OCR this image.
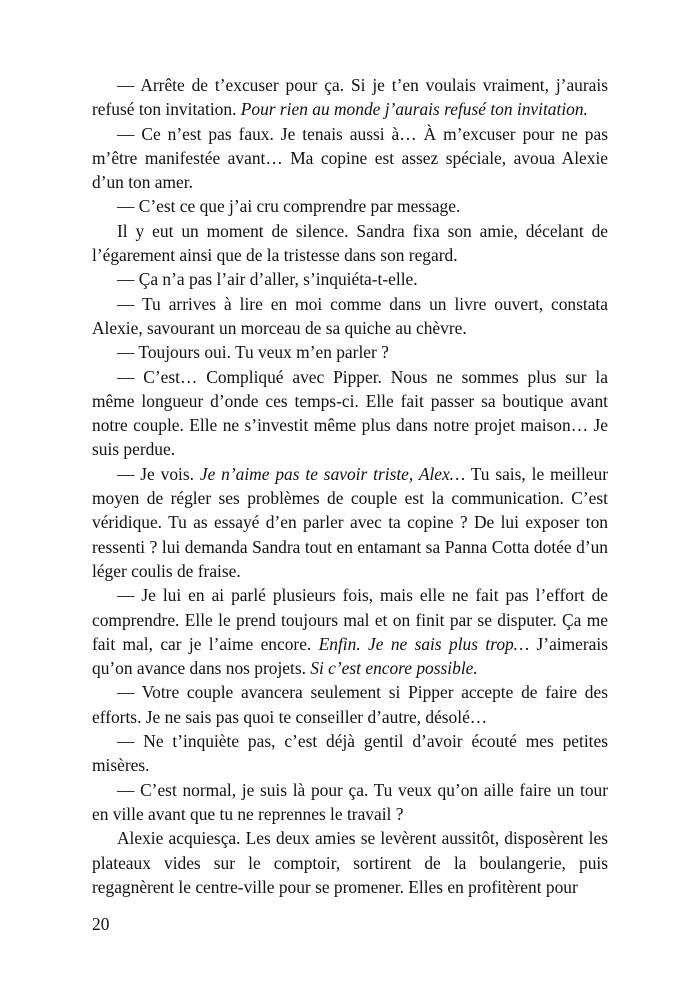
— Arrête de t’excuser pour ça. Si je t’en voulais vraiment, j’aurais refusé ton invitation. Pour rien au monde j’aurais refusé ton invitation.

— Ce n’est pas faux. Je tenais aussi à… À m’excuser pour ne pas m’être manifestée avant… Ma copine est assez spéciale, avoua Alexie d’un ton amer.

— C’est ce que j’ai cru comprendre par message.

Il y eut un moment de silence. Sandra fixa son amie, décelant de l’égarement ainsi que de la tristesse dans son regard.

— Ça n’a pas l’air d’aller, s’inquiéta-t-elle.

— Tu arrives à lire en moi comme dans un livre ouvert, constata Alexie, savourant un morceau de sa quiche au chèvre.

— Toujours oui. Tu veux m’en parler ?

— C’est… Compliqué avec Pipper. Nous ne sommes plus sur la même longueur d’onde ces temps-ci. Elle fait passer sa boutique avant notre couple. Elle ne s’investit même plus dans notre projet maison… Je suis perdue.

— Je vois. Je n’aime pas te savoir triste, Alex… Tu sais, le meilleur moyen de régler ses problèmes de couple est la communication. C’est véridique. Tu as essayé d’en parler avec ta copine ? De lui exposer ton ressenti ? lui demanda Sandra tout en entamant sa Panna Cotta dotée d’un léger coulis de fraise.

— Je lui en ai parlé plusieurs fois, mais elle ne fait pas l’effort de comprendre. Elle le prend toujours mal et on finit par se disputer. Ça me fait mal, car je l’aime encore. Enfin. Je ne sais plus trop… J’aimerais qu’on avance dans nos projets. Si c’est encore possible.

— Votre couple avancera seulement si Pipper accepte de faire des efforts. Je ne sais pas quoi te conseiller d’autre, désolé…

— Ne t’inquiète pas, c’est déjà gentil d’avoir écouté mes petites misères.

— C’est normal, je suis là pour ça. Tu veux qu’on aille faire un tour en ville avant que tu ne reprennes le travail ?

Alexie acquiesça. Les deux amies se levèrent aussitôt, disposèrent les plateaux vides sur le comptoir, sortirent de la boulangerie, puis regagnèrent le centre-ville pour se promener. Elles en profitèrent pour

20
